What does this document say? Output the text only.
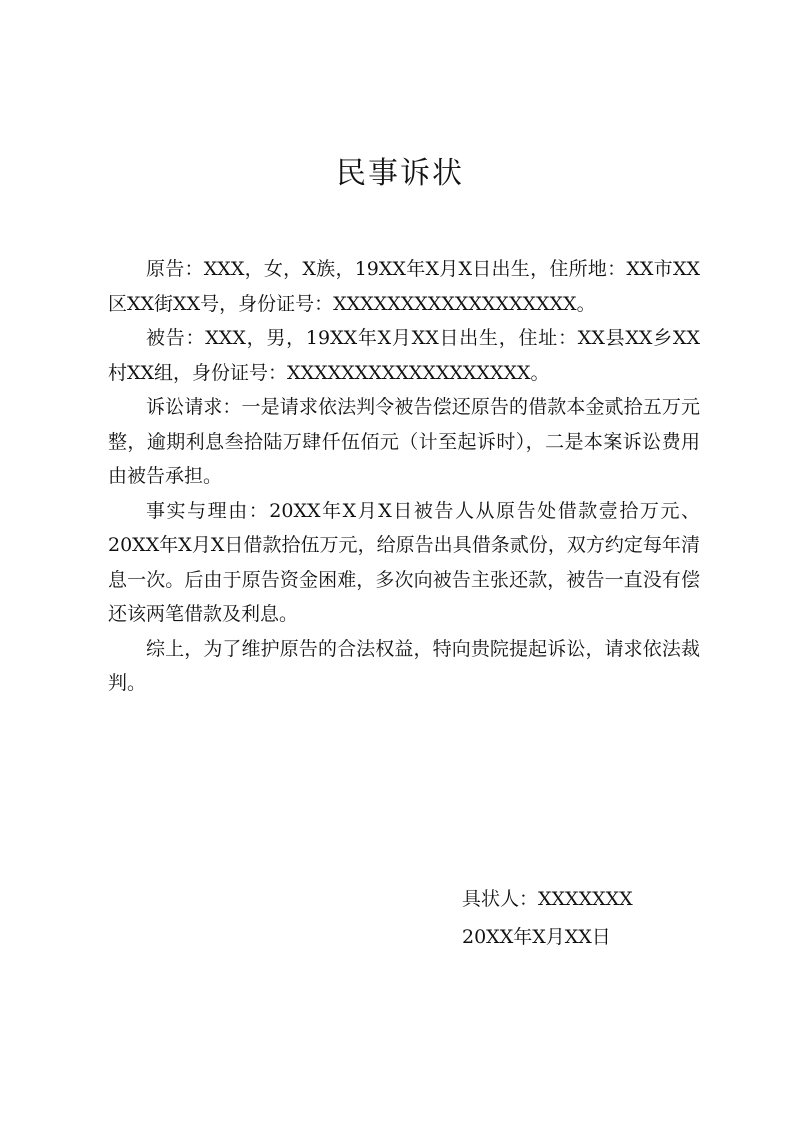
民事诉状

原告：XXX，女，X族，19XX年X月X日出生，住所地：XX市XX区XX街XX号，身份证号：XXXXXXXXXXXXXXXXXX。

被告：XXX，男，19XX年X月XX日出生，住址：XX县XX乡XX村XX组，身份证号：XXXXXXXXXXXXXXXXXX。

诉讼请求：一是请求依法判令被告偿还原告的借款本金贰拾五万元整，逾期利息叁拾陆万肆仟伍佰元（计至起诉时），二是本案诉讼费用由被告承担。

事实与理由：20XX年X月X日被告人从原告处借款壹拾万元、20XX年X月X日借款拾伍万元，给原告出具借条贰份，双方约定每年清息一次。后由于原告资金困难，多次向被告主张还款，被告一直没有偿还该两笔借款及利息。

综上，为了维护原告的合法权益，特向贵院提起诉讼，请求依法裁判。

具状人：XXXXXXX
20XX年X月XX日
